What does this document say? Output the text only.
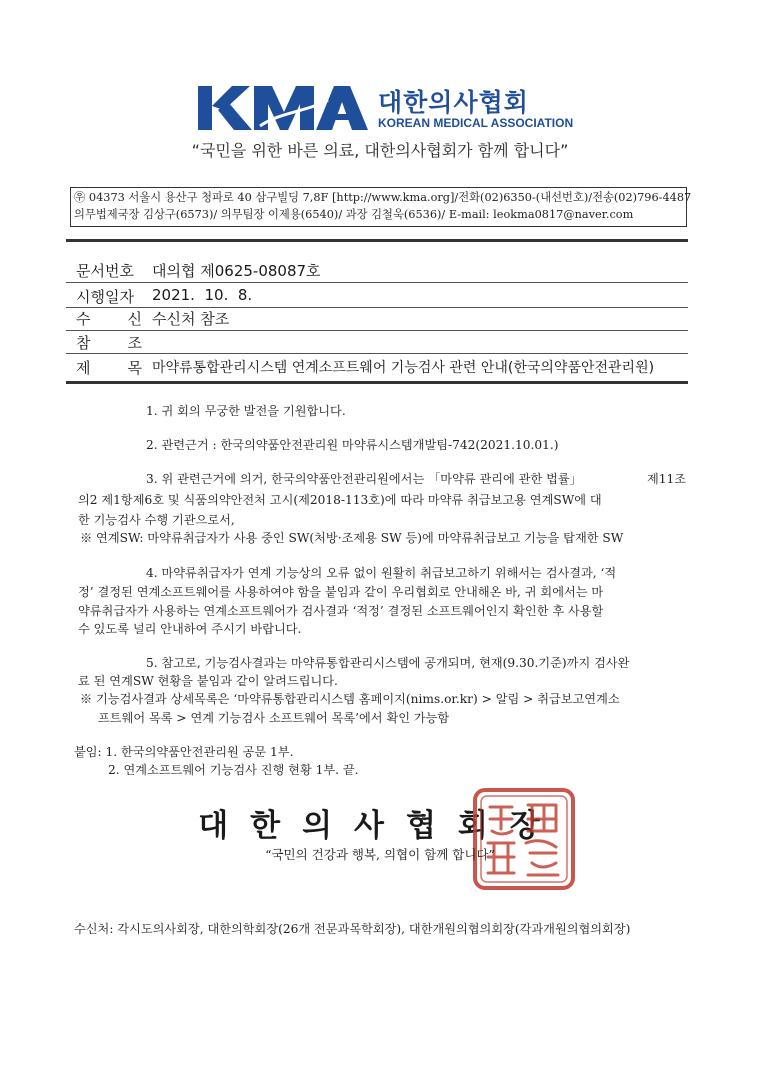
대한의사협회
KOREAN MEDICAL ASSOCIATION
“국민을 위한 바른 의료, 대한의사협회가 함께 합니다”
㉾ 04373 서울시 용산구 청파로 40 삼구빌딩 7,8F [http://www.kma.org]/전화(02)6350-(내선번호)/전송(02)796-4487
의무법제국장 김상구(6573)/ 의무팀장 이제용(6540)/ 과장 김철욱(6536)/ E-mail: leokma0817@naver.com
문서번호 대의협 제0625-08087호
시행일자 2021.  10.  8.
수 신 수신처 참조
참 조
제 목 마약류통합관리시스템 연계소프트웨어 기능검사 관련 안내(한국의약품안전관리원)
1. 귀 회의 무궁한 발전을 기원합니다.
2. 관련근거 : 한국의약품안전관리원 마약류시스템개발팀-742(2021.10.01.)
3. 위 관련근거에 의거, 한국의약품안전관리원에서는 「마약류 관리에 관한 법률」	제11조
의2 제1항제6호 및 식품의약안전처 고시(제2018-113호)에 따라 마약류 취급보고용 연계SW에 대
한 기능검사 수행 기관으로서,
※ 연계SW: 마약류취급자가 사용 중인 SW(처방·조제용 SW 등)에 마약류취급보고 기능을 탑재한 SW
4. 마약류취급자가 연계 기능상의 오류 없이 원활히 취급보고하기 위해서는 검사결과, ‘적
정’ 결정된 연계소프트웨어를 사용하여야 함을 붙임과 같이 우리협회로 안내해온 바, 귀 회에서는 마
약류취급자가 사용하는 연계소프트웨어가 검사결과 ‘적정’ 결정된 소프트웨어인지 확인한 후 사용할
수 있도록 널리 안내하여 주시기 바랍니다.
5. 참고로, 기능검사결과는 마약류통합관리시스템에 공개되며, 현재(9.30.기준)까지 검사완
료 된 연계SW 현황을 붙임과 같이 알려드립니다.
※ 기능검사결과 상세목록은 ‘마약류통합관리시스템 홈페이지(nims.or.kr) > 알림 > 취급보고연계소
프트웨어 목록 > 연계 기능검사 소프트웨어 목록’에서 확인 가능함
붙임: 1. 한국의약품안전관리원 공문 1부.
2. 연계소프트웨어 기능검사 진행 현황 1부. 끝.
대한의사협회장
“국민의 건강과 행복, 의협이 함께 합니다”
수신처: 각시도의사회장, 대한의학회장(26개 전문과목학회장), 대한개원의협의회장(각과개원의협의회장)
